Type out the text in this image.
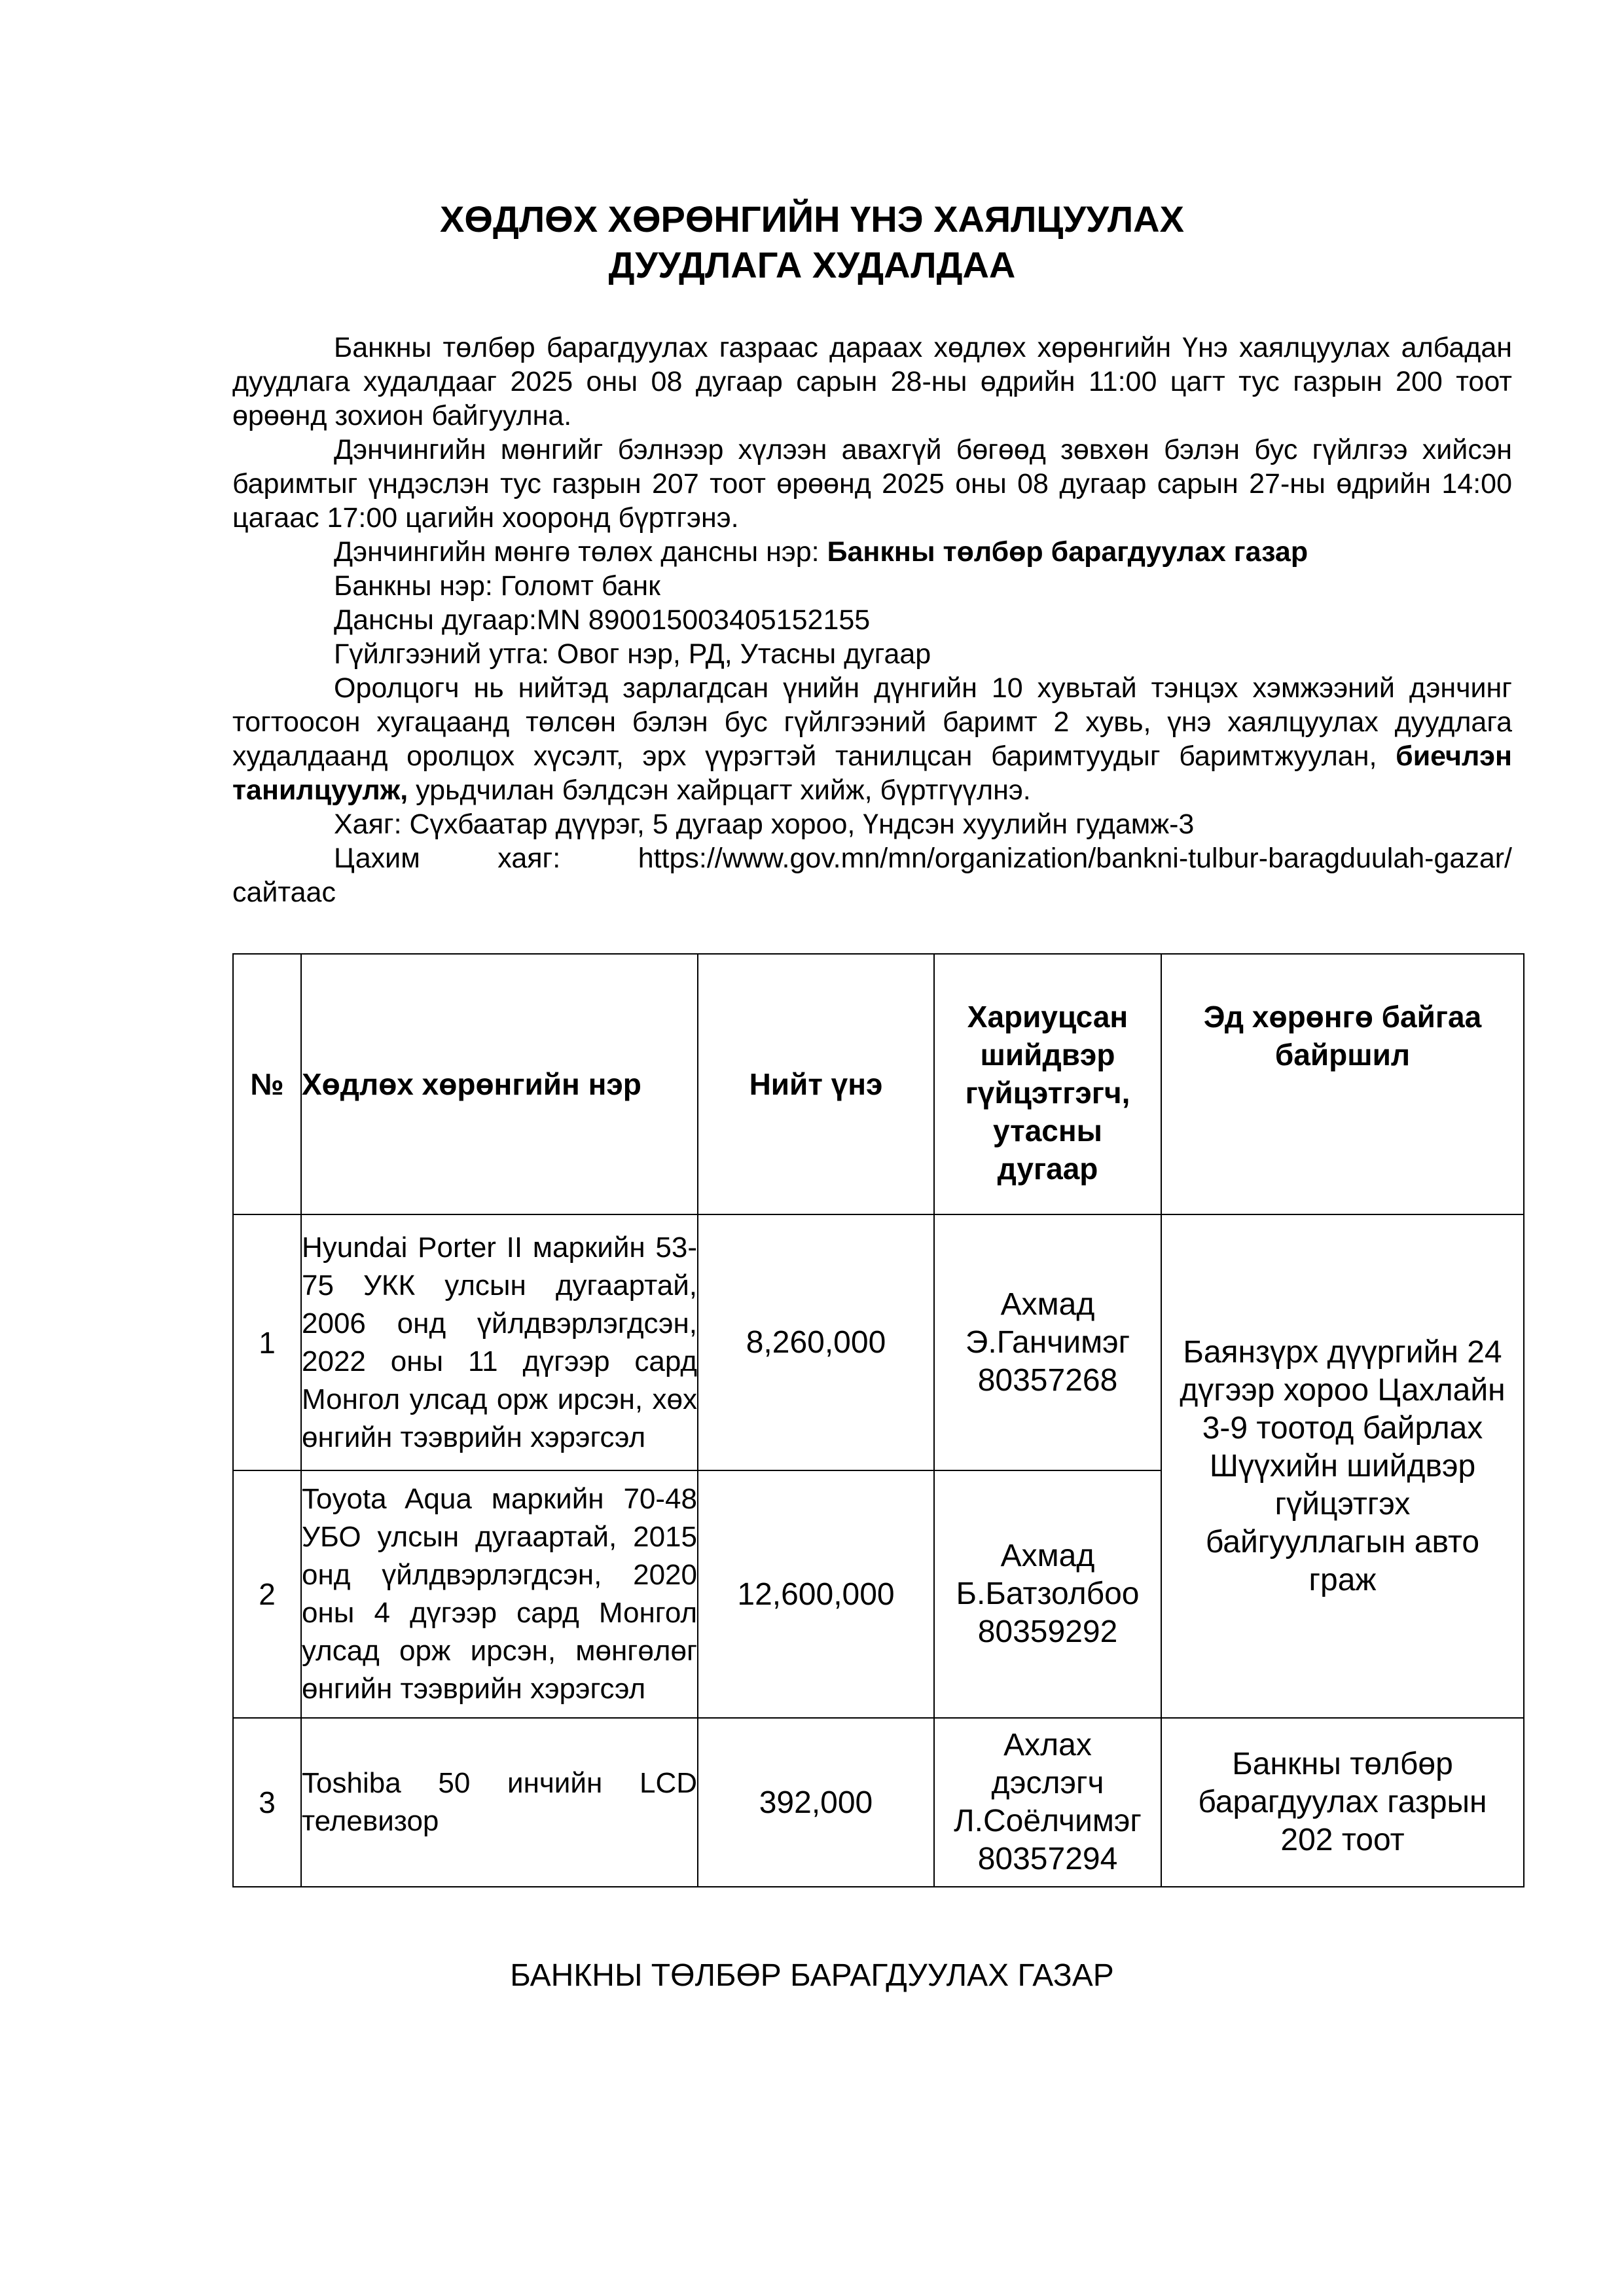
ХӨДЛӨХ ХӨРӨНГИЙН ҮНЭ ХАЯЛЦУУЛАХ
ДУУДЛАГА ХУДАЛДАА

Банкны төлбөр барагдуулах газраас дараах хөдлөх хөрөнгийн Үнэ хаялцуулах албадан дуудлага худалдааг 2025 оны 08 дугаар сарын 28-ны өдрийн 11:00 цагт тус газрын 200 тоот өрөөнд зохион байгуулна.

Дэнчингийн мөнгийг бэлнээр хүлээн авахгүй бөгөөд зөвхөн бэлэн бус гүйлгээ хийсэн баримтыг үндэслэн тус газрын 207 тоот өрөөнд 2025 оны 08 дугаар сарын 27-ны өдрийн 14:00 цагаас 17:00 цагийн хооронд бүртгэнэ.

Дэнчингийн мөнгө төлөх дансны нэр: Банкны төлбөр барагдуулах газар

Банкны нэр: Голомт банк

Дансны дугаар:MN 890015003405152155

Гүйлгээний утга: Овог нэр, РД, Утасны дугаар

Оролцогч нь нийтэд зарлагдсан үнийн дүнгийн 10 хувьтай тэнцэх хэмжээний дэнчинг тогтоосон хугацаанд төлсөн бэлэн бус гүйлгээний баримт 2 хувь, үнэ хаялцуулах дуудлага худалдаанд оролцох хүсэлт, эрх үүрэгтэй танилцсан баримтуудыг баримтжуулан, биечлэн танилцуулж, урьдчилан бэлдсэн хайрцагт хийж, бүртгүүлнэ.

Хаяг: Сүхбаатар дүүрэг, 5 дугаар хороо, Үндсэн хуулийн гудамж-3

Цахим	хаяг:	https://www.gov.mn/mn/organization/bankni-tulbur-baragduulah-gazar/
сайтаас
№	Хөдлөх хөрөнгийн нэр	Нийт үнэ	Хариуцсан шийдвэр гүйцэтгэгч, утасны дугаар	Эд хөрөнгө байгаа байршил
1	Hyundai Porter II маркийн 53-75 УКК улсын дугаартай, 2006 онд үйлдвэрлэгдсэн, 2022 оны 11 дүгээр сард Монгол улсад орж ирсэн, хөх өнгийн тээврийн хэрэгсэл	8,260,000	Ахмад
Э.Ганчимэг
80357268	Баянзүрх дүүргийн 24 дүгээр хороо Цахлайн 3-9 тоотод байрлах Шүүхийн шийдвэр гүйцэтгэх байгууллагын авто граж
2	Toyota Aqua маркийн 70-48 УБО улсын дугаартай, 2015 онд үйлдвэрлэгдсэн, 2020 оны 4 дүгээр сард Монгол улсад орж ирсэн, мөнгөлөг өнгийн тээврийн хэрэгсэл	12,600,000	Ахмад
Б.Батзолбоо
80359292	

3	Toshiba 50 инчийн LCD телевизор	392,000	Ахлах
дэслэгч
Л.Соёлчимэг
80357294	Банкны төлбөр барагдуулах газрын 202 тоот
БАНКНЫ ТӨЛБӨР БАРАГДУУЛАХ ГАЗАР
